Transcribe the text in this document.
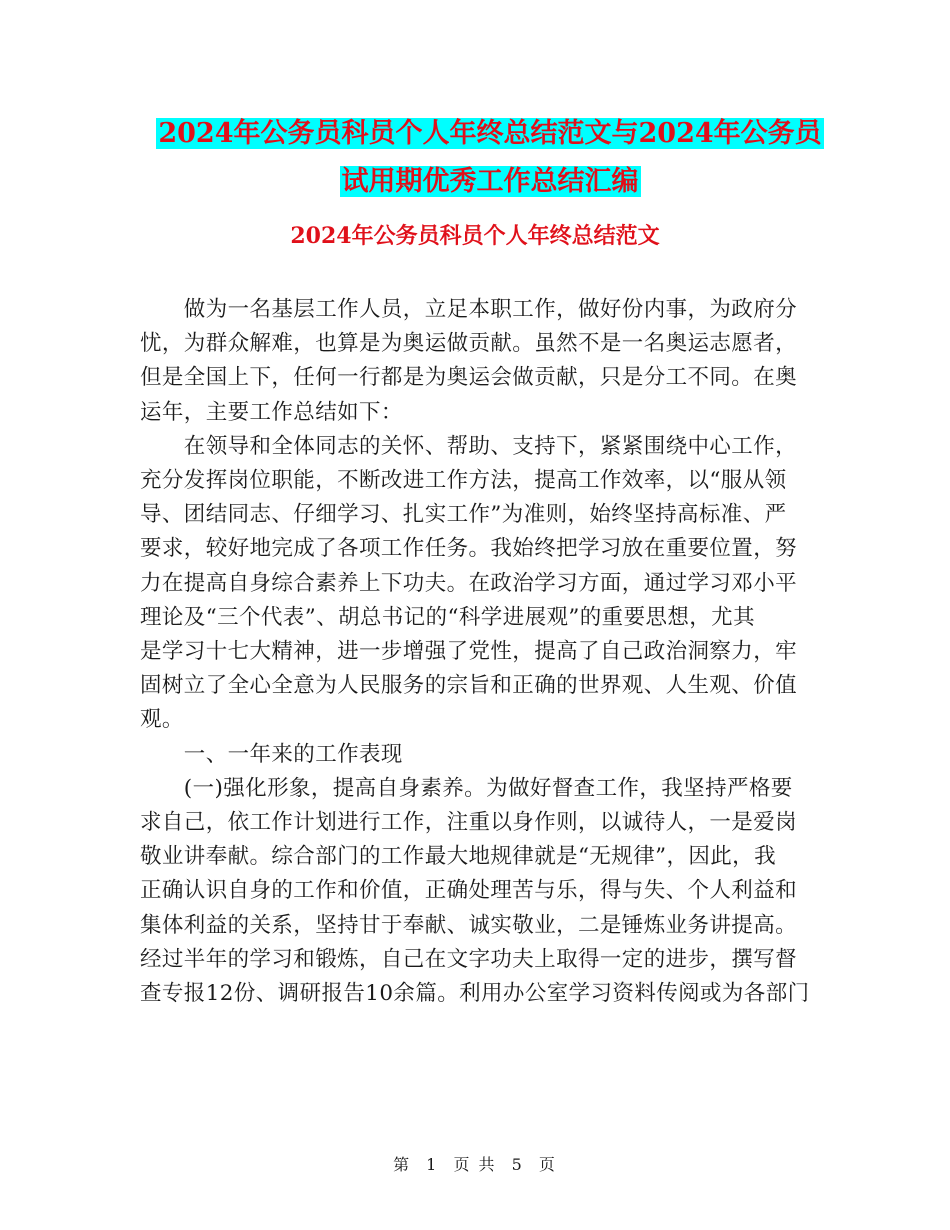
2024年公务员科员个人年终总结范文与2024年公务员
试用期优秀工作总结汇编
2024年公务员科员个人年终总结范文

　　做为一名基层工作人员，立足本职工作，做好份内事，为政府分
忧，为群众解难，也算是为奥运做贡献。虽然不是一名奥运志愿者，
但是全国上下，任何一行都是为奥运会做贡献，只是分工不同。在奥
运年，主要工作总结如下：

　　在领导和全体同志的关怀、帮助、支持下，紧紧围绕中心工作，
充分发挥岗位职能，不断改进工作方法，提高工作效率，以“服从领
导、团结同志、仔细学习、扎实工作”为准则，始终坚持高标准、严
要求，较好地完成了各项工作任务。我始终把学习放在重要位置，努
力在提高自身综合素养上下功夫。在政治学习方面，通过学习邓小平
理论及“三个代表”、胡总书记的“科学进展观”的重要思想，尤其
是学习十七大精神，进一步增强了党性，提高了自己政治洞察力，牢
固树立了全心全意为人民服务的宗旨和正确的世界观、人生观、价值
观。

　　一、一年来的工作表现

　　(一)强化形象，提高自身素养。为做好督查工作，我坚持严格要
求自己，依工作计划进行工作，注重以身作则，以诚待人，一是爱岗
敬业讲奉献。综合部门的工作最大地规律就是“无规律”，因此，我
正确认识自身的工作和价值，正确处理苦与乐，得与失、个人利益和
集体利益的关系，坚持甘于奉献、诚实敬业，二是锤炼业务讲提高。
经过半年的学习和锻炼，自己在文字功夫上取得一定的进步，撰写督
查专报12份、调研报告10余篇。利用办公室学习资料传阅或为各部门

第 1 页 共 5 页
